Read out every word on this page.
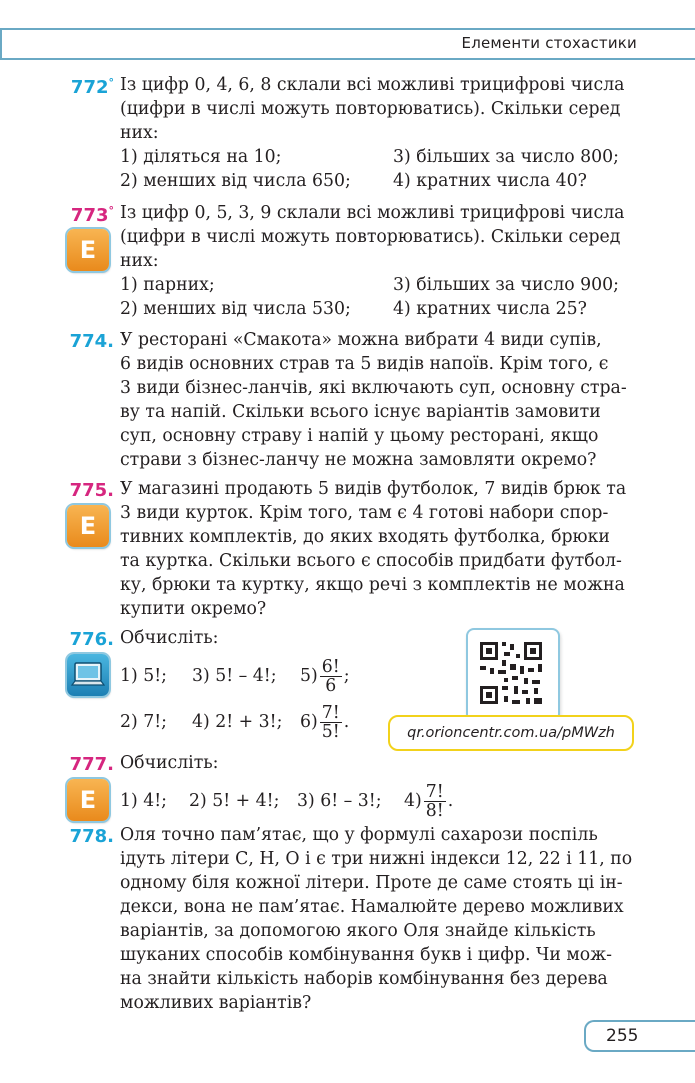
Елементи стохастики
772° Із цифр 0, 4, 6, 8 склали всі можливі трицифрові числа

(цифри в числі можуть повторюватись). Скільки серед

них:

1) діляться на 10;	3) більших за число 800;
2) менших від числа 650;	4) кратних числа 40?
773°
E

Із цифр 0, 5, 3, 9 склали всі можливі трицифрові числа

(цифри в числі можуть повторюватись). Скільки серед

них:

1) парних;	3) більших за число 900;
2) менших від числа 530;	4) кратних числа 25?
774. У ресторані «Смакота» можна вибрати 4 види супів,

6 видів основних страв та 5 видів напоїв. Крім того, є

3 види бізнес-ланчів, які включають суп, основну стра-

ву та напій. Скільки всього існує варіантів замовити

суп, основну страву і напій у цьому ресторані, якщо

страви з бізнес-ланчу не можна замовляти окремо?

775.
E

У магазині продають 5 видів футболок, 7 видів брюк та

3 види курток. Крім того, там є 4 готові набори спор-

тивних комплектів, до яких входять футболка, брюки

та куртка. Скільки всього є способів придбати футбол-

ку, брюки та куртку, якщо речі з комплектів не можна

купити окремо?

776. Обчисліть:

1) 5!;	3) 5! – 4!;	$5) \frac{6!}{6}$ ;
2) 7!;	4) 2! + 3!;	$6) \frac{7!}{5!}$ .
qr.orioncentr.com.ua/pMWzh
777.
E

Обчисліть:

1) 4!;	2) 5! + 4!;	3) 6! – 3!;	$4) \frac{7!}{8!}$ .
778. Оля точно пам’ятає, що у формулі сахарози поспіль

ідуть літери С, Н, О і є три нижні індекси 12, 22 і 11, по

одному біля кожної літери. Проте де саме стоять ці ін-

декси, вона не пам’ятає. Намалюйте дерево можливих

варіантів, за допомогою якого Оля знайде кількість

шуканих способів комбінування букв і цифр. Чи мож-

на знайти кількість наборів комбінування без дерева

можливих варіантів?

255
